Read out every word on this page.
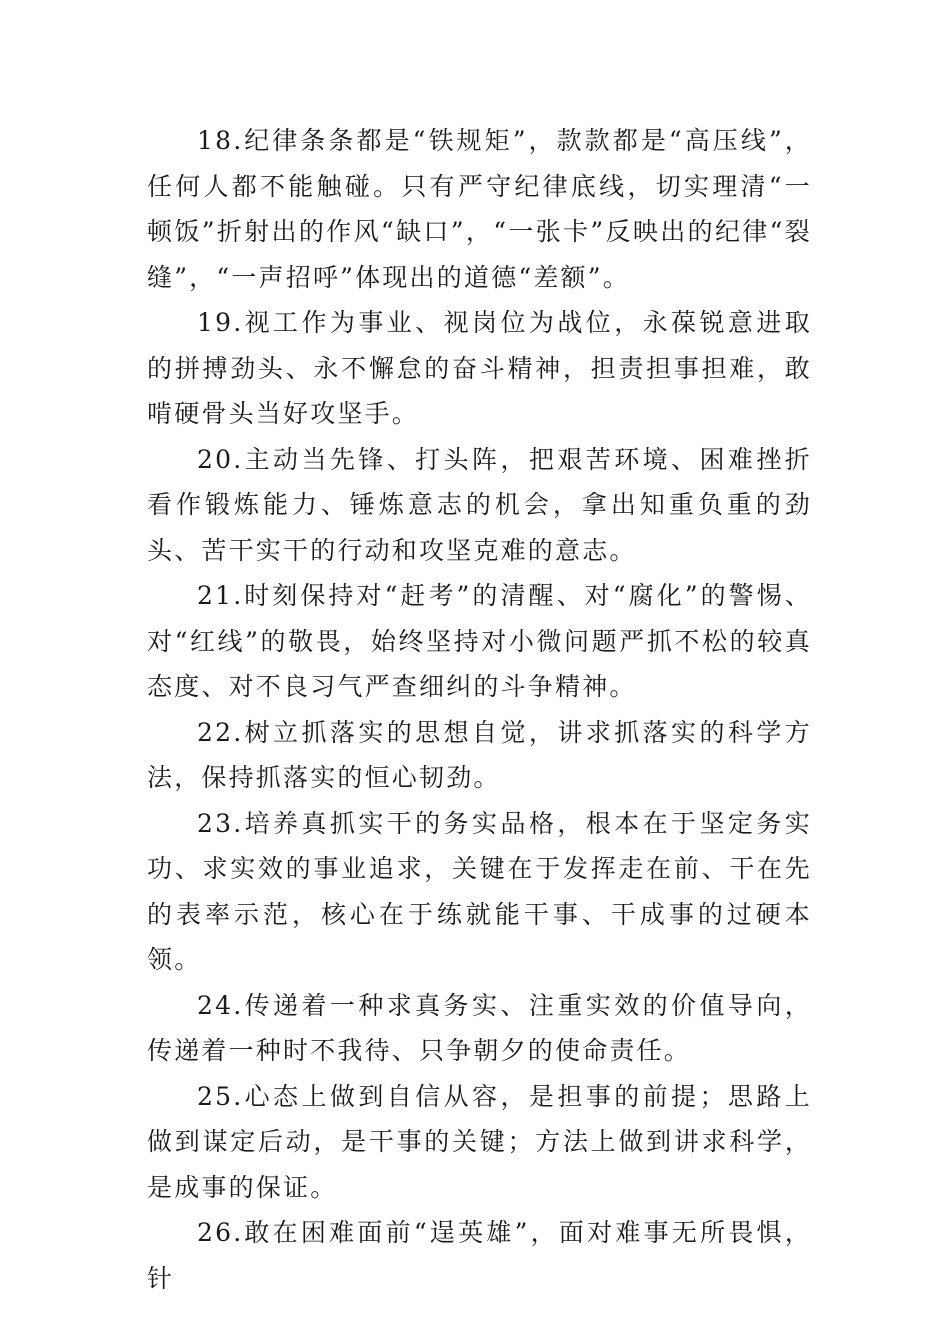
18.纪律条条都是“铁规矩”，款款都是“高压线”，任何人都不能触碰。只有严守纪律底线，切实理清“一顿饭”折射出的作风“缺口”，“一张卡”反映出的纪律“裂缝”，“一声招呼”体现出的道德“差额”。

19.视工作为事业、视岗位为战位，永葆锐意进取的拼搏劲头、永不懈怠的奋斗精神，担责担事担难，敢啃硬骨头当好攻坚手。

20.主动当先锋、打头阵，把艰苦环境、困难挫折看作锻炼能力、锤炼意志的机会，拿出知重负重的劲头、苦干实干的行动和攻坚克难的意志。

21.时刻保持对“赶考”的清醒、对“腐化”的警惕、对“红线”的敬畏，始终坚持对小微问题严抓不松的较真态度、对不良习气严查细纠的斗争精神。

22.树立抓落实的思想自觉，讲求抓落实的科学方法，保持抓落实的恒心韧劲。

23.培养真抓实干的务实品格，根本在于坚定务实功、求实效的事业追求，关键在于发挥走在前、干在先的表率示范，核心在于练就能干事、干成事的过硬本领。

24.传递着一种求真务实、注重实效的价值导向，传递着一种时不我待、只争朝夕的使命责任。

25.心态上做到自信从容，是担事的前提；思路上做到谋定后动，是干事的关键；方法上做到讲求科学，是成事的保证。

26.敢在困难面前“逞英雄”，面对难事无所畏惧，针
